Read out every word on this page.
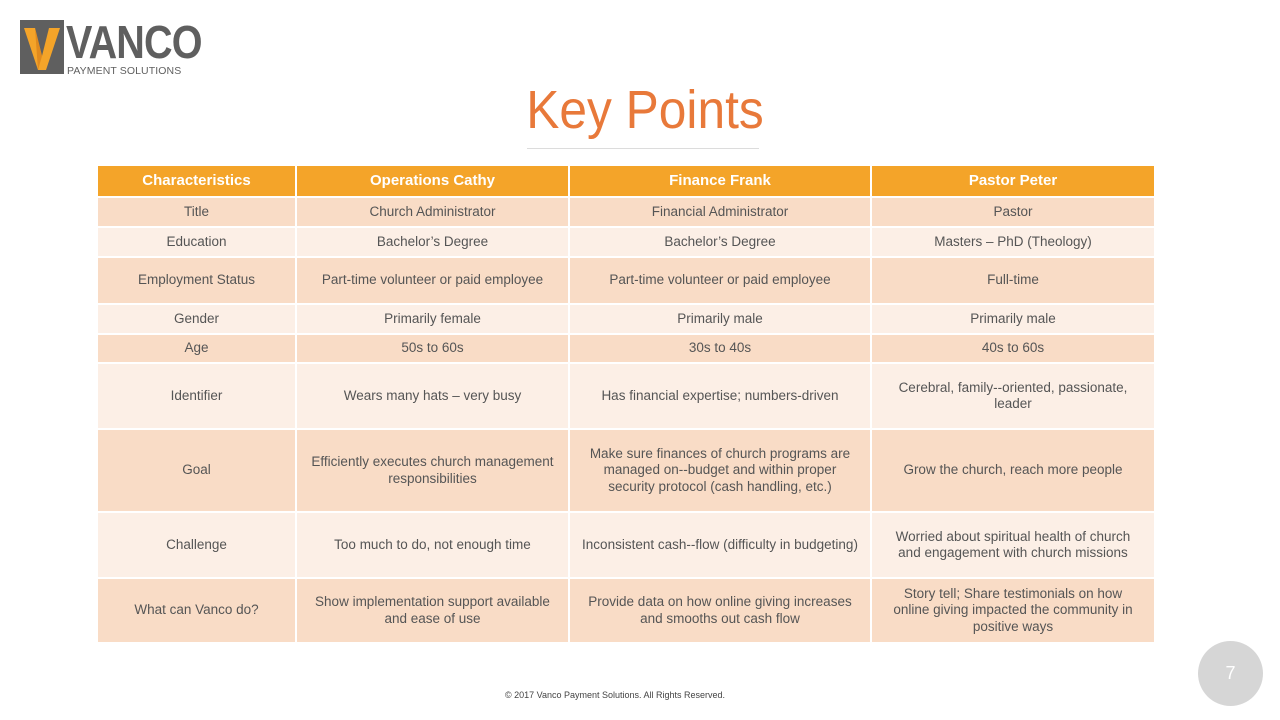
VANCO
PAYMENT SOLUTIONS
Key Points
Characteristics	Operations Cathy	Finance Frank	Pastor Peter
Title	Church Administrator	Financial Administrator	Pastor
Education	Bachelor’s Degree	Bachelor’s Degree	Masters – PhD (Theology)
Employment Status	Part-time volunteer or paid employee	Part-time volunteer or paid employee	Full-time
Gender	Primarily female	Primarily male	Primarily male
Age	50s to 60s	30s to 40s	40s to 60s
Identifier	Wears many hats – very busy	Has financial expertise; numbers-driven	Cerebral, family--oriented, passionate, leader
Goal	Efficiently executes church management responsibilities	Make sure finances of church programs are managed on--budget and within proper security protocol (cash handling, etc.)	Grow the church, reach more people
Challenge	Too much to do, not enough time	Inconsistent cash--flow (difficulty in budgeting)	Worried about spiritual health of church and engagement with church missions
What can Vanco do?	Show implementation support available and ease of use	Provide data on how online giving increases and smooths out cash flow	Story tell; Share testimonials on how online giving impacted the community in positive ways
7
© 2017 Vanco Payment Solutions. All Rights Reserved.
